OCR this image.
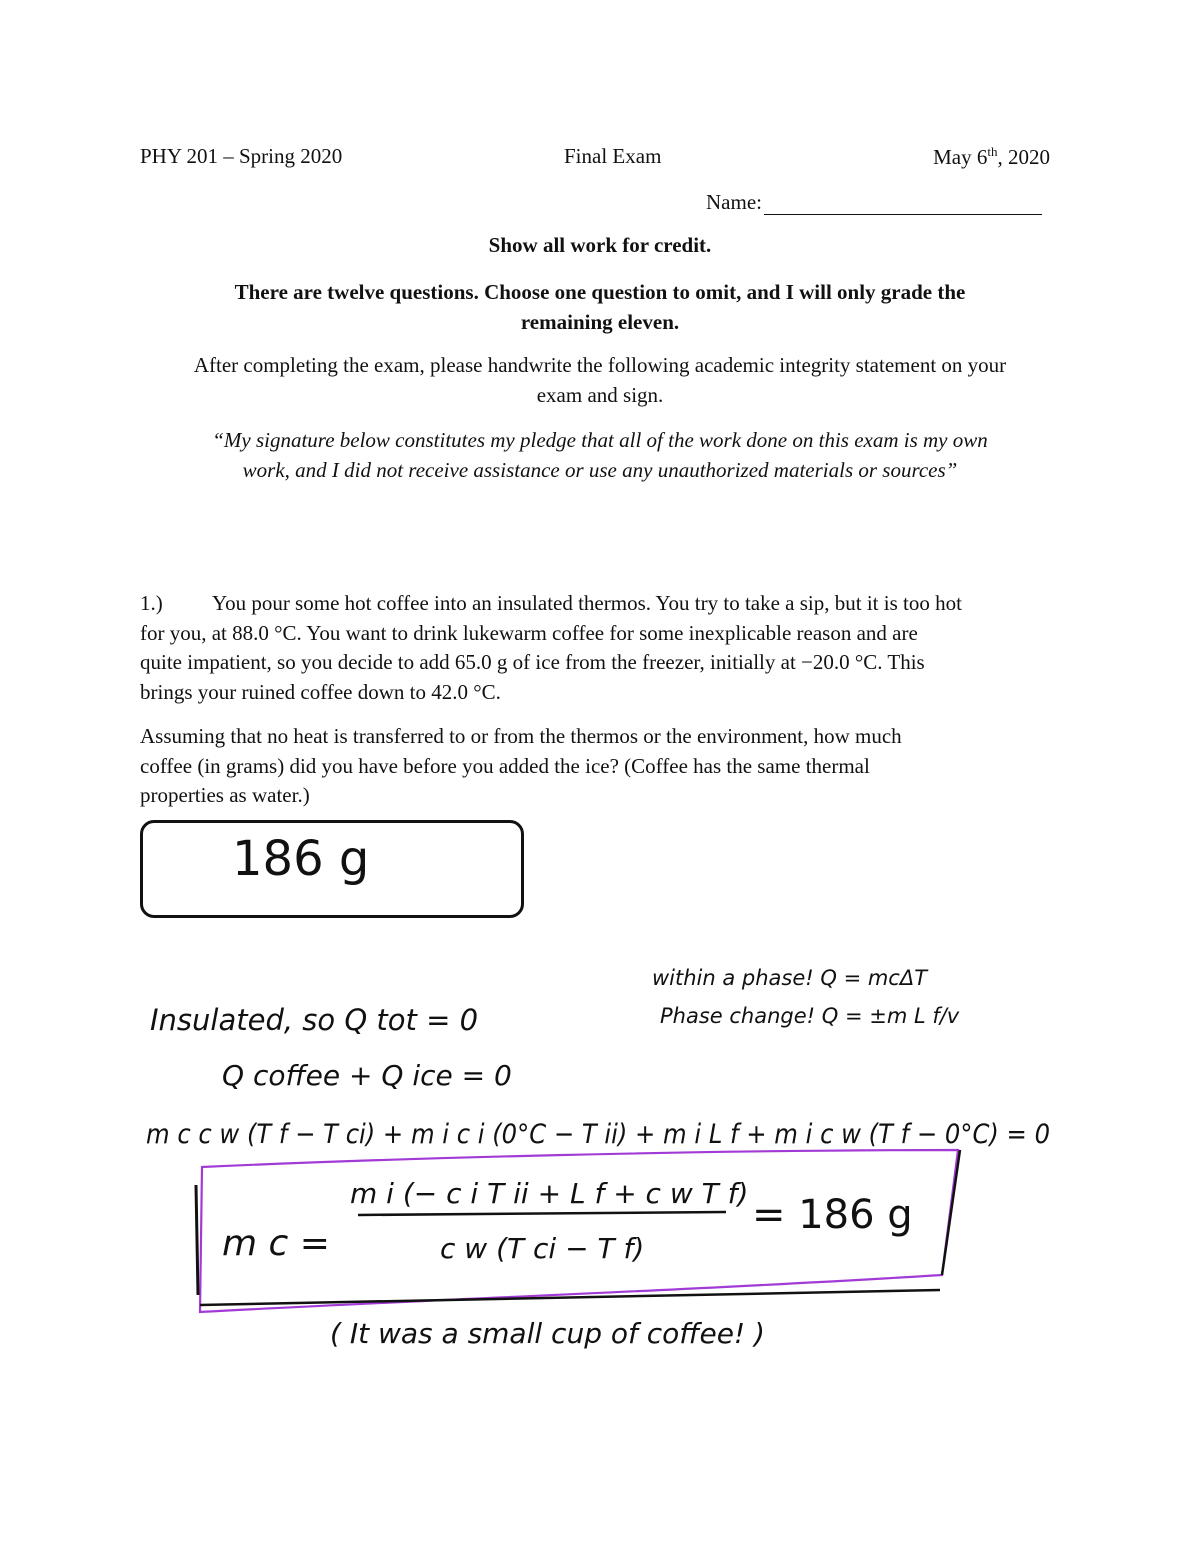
PHY 201 – Spring 2020	Final Exam	May 6th, 2020
Name:
Show all work for credit.
There are twelve questions. Choose one question to omit, and I will only grade the
remaining eleven.
After completing the exam, please handwrite the following academic integrity statement on your
exam and sign.
“My signature below constitutes my pledge that all of the work done on this exam is my own
work, and I did not receive assistance or use any unauthorized materials or sources”
1.) You pour some hot coffee into an insulated thermos. You try to take a sip, but it is too hot
for you, at 88.0 °C. You want to drink lukewarm coffee for some inexplicable reason and are
quite impatient, so you decide to add 65.0 g of ice from the freezer, initially at −20.0 °C. This
brings your ruined coffee down to 42.0 °C.
Assuming that no heat is transferred to or from the thermos or the environment, how much
coffee (in grams) did you have before you added the ice? (Coffee has the same thermal
properties as water.)
186 g
within a phase! Q = mcΔT
Phase change! Q = ±m L f/v
Insulated, so Q tot = 0
Q coffee + Q ice = 0
m c c w (T f − T ci) + m i c i (0°C − T ii) + m i L f + m i c w (T f − 0°C) = 0
m i (− c i T ii + L f + c w T f)
m c =	c w (T ci − T f)
= 186 g
( It was a small cup of coffee! )
